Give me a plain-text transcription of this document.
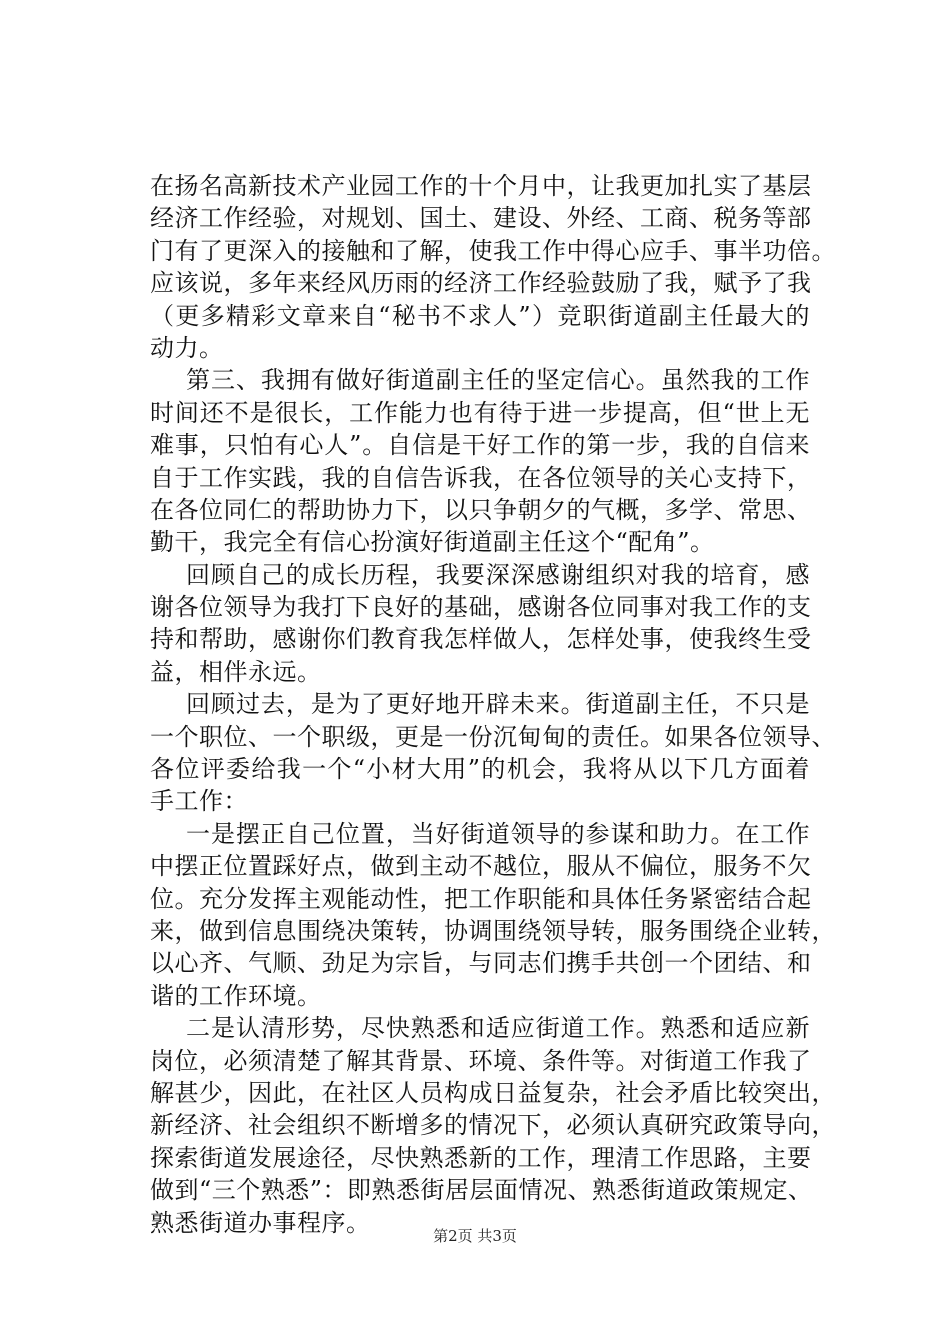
在扬名高新技术产业园工作的十个月中，让我更加扎实了基层
经济工作经验，对规划、国土、建设、外经、工商、税务等部
门有了更深入的接触和了解，使我工作中得心应手、事半功倍。
应该说，多年来经风历雨的经济工作经验鼓励了我，赋予了我
（更多精彩文章来自“秘书不求人”）竞职街道副主任最大的
动力。
第三、我拥有做好街道副主任的坚定信心。虽然我的工作
时间还不是很长，工作能力也有待于进一步提高，但“世上无
难事，只怕有心人”。自信是干好工作的第一步，我的自信来
自于工作实践，我的自信告诉我，在各位领导的关心支持下，
在各位同仁的帮助协力下，以只争朝夕的气概，多学、常思、
勤干，我完全有信心扮演好街道副主任这个“配角”。
回顾自己的成长历程，我要深深感谢组织对我的培育，感
谢各位领导为我打下良好的基础，感谢各位同事对我工作的支
持和帮助，感谢你们教育我怎样做人，怎样处事，使我终生受
益，相伴永远。
回顾过去，是为了更好地开辟未来。街道副主任，不只是
一个职位、一个职级，更是一份沉甸甸的责任。如果各位领导、
各位评委给我一个“小材大用”的机会，我将从以下几方面着
手工作：
一是摆正自己位置，当好街道领导的参谋和助力。在工作
中摆正位置踩好点，做到主动不越位，服从不偏位，服务不欠
位。充分发挥主观能动性，把工作职能和具体任务紧密结合起
来，做到信息围绕决策转，协调围绕领导转，服务围绕企业转，
以心齐、气顺、劲足为宗旨，与同志们携手共创一个团结、和
谐的工作环境。
二是认清形势，尽快熟悉和适应街道工作。熟悉和适应新
岗位，必须清楚了解其背景、环境、条件等。对街道工作我了
解甚少，因此，在社区人员构成日益复杂，社会矛盾比较突出，
新经济、社会组织不断增多的情况下，必须认真研究政策导向，
探索街道发展途径，尽快熟悉新的工作，理清工作思路，主要
做到“三个熟悉”：即熟悉街居层面情况、熟悉街道政策规定、
熟悉街道办事程序。	第2页 共3页
